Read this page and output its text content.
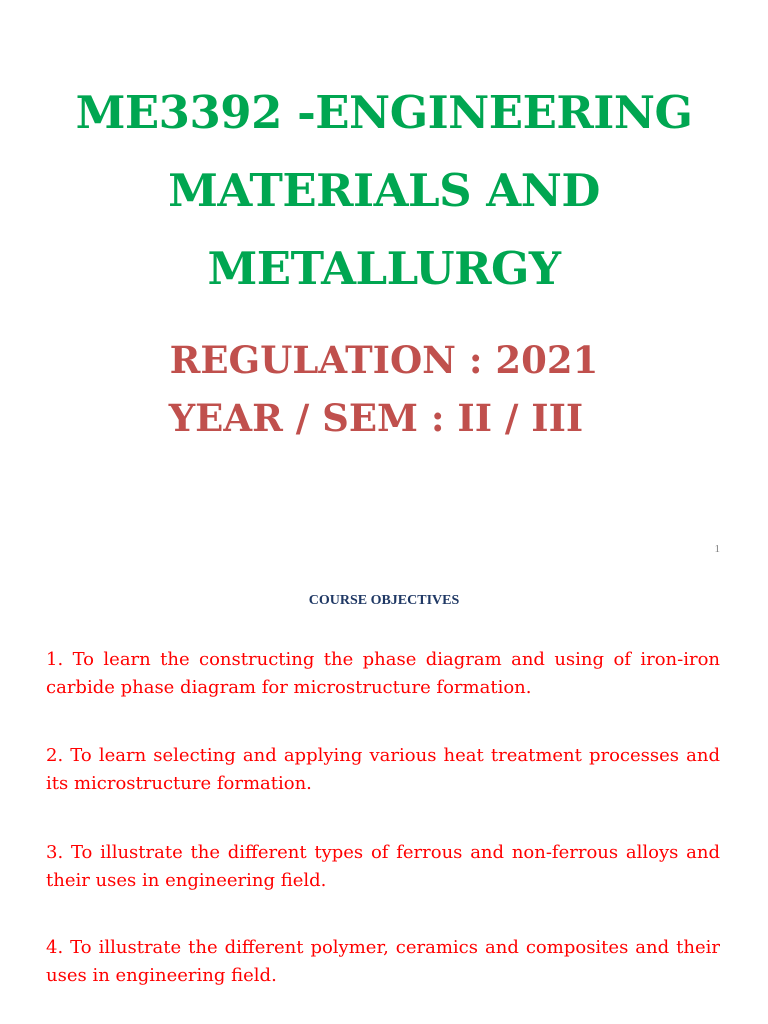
ME3392 -ENGINEERING
MATERIALS AND
METALLURGY
REGULATION : 2021
YEAR / SEM : II / III
1
COURSE OBJECTIVES

1. To learn the constructing the phase diagram and using of iron-iron carbide phase diagram for microstructure formation.

2. To learn selecting and applying various heat treatment processes and its microstructure formation.

3. To illustrate the different types of ferrous and non-ferrous alloys and their uses in engineering field.

4. To illustrate the different polymer, ceramics and composites and their uses in engineering field.
